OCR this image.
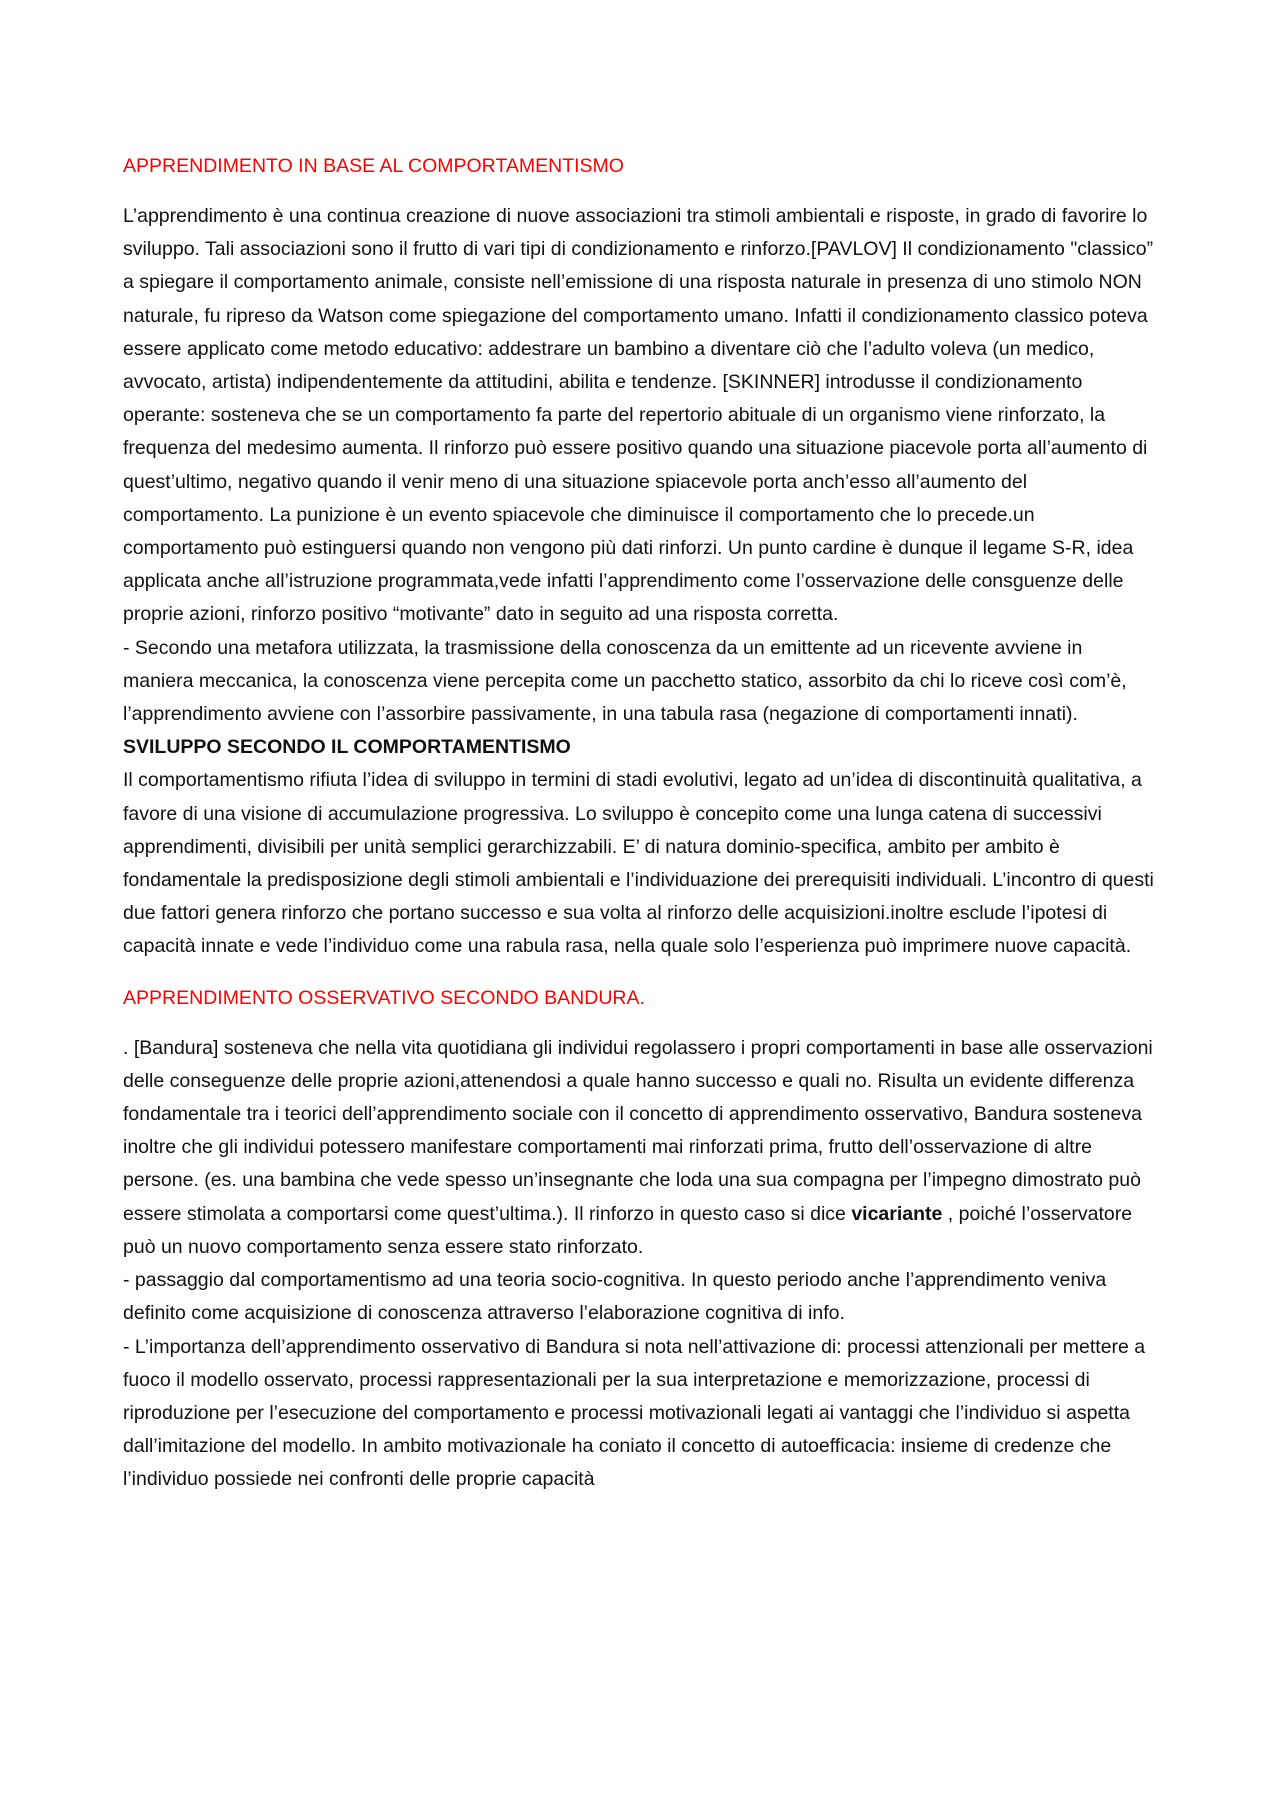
APPRENDIMENTO IN BASE AL COMPORTAMENTISMO

L’apprendimento è una continua creazione di nuove associazioni tra stimoli ambientali e risposte, in grado di favorire lo sviluppo. Tali associazioni sono il frutto di vari tipi di condizionamento e rinforzo.[PAVLOV] Il condizionamento "classico” a spiegare il comportamento animale, consiste nell’emissione di una risposta naturale in presenza di uno stimolo NON naturale, fu ripreso da Watson come spiegazione del comportamento umano. Infatti il condizionamento classico poteva essere applicato come metodo educativo: addestrare un bambino a diventare ciò che l’adulto voleva (un medico, avvocato, artista) indipendentemente da attitudini, abilita e tendenze. [SKINNER] introdusse il condizionamento operante: sosteneva che se un comportamento fa parte del repertorio abituale di un organismo viene rinforzato, la frequenza del medesimo aumenta. Il rinforzo può essere positivo quando una situazione piacevole porta all’aumento di quest’ultimo, negativo quando il venir meno di una situazione spiacevole porta anch’esso all’aumento del comportamento. La punizione è un evento spiacevole che diminuisce il comportamento che lo precede.un comportamento può estinguersi quando non vengono più dati rinforzi. Un punto cardine è dunque il legame S-R, idea applicata anche all’istruzione programmata,vede infatti l’apprendimento come l’osservazione delle consguenze delle proprie azioni, rinforzo positivo “motivante” dato in seguito ad una risposta corretta.

- Secondo una metafora utilizzata, la trasmissione della conoscenza da un emittente ad un ricevente avviene in maniera meccanica, la conoscenza viene percepita come un pacchetto statico, assorbito da chi lo riceve così com’è, l’apprendimento avviene con l’assorbire passivamente, in una tabula rasa (negazione di comportamenti innati).

SVILUPPO SECONDO IL COMPORTAMENTISMO

Il comportamentismo rifiuta l’idea di sviluppo in termini di stadi evolutivi, legato ad un’idea di discontinuità qualitativa, a favore di una visione di accumulazione progressiva. Lo sviluppo è concepito come una lunga catena di successivi apprendimenti, divisibili per unità semplici gerarchizzabili. E’ di natura dominio-specifica, ambito per ambito è fondamentale la predisposizione degli stimoli ambientali e l’individuazione dei prerequisiti individuali. L’incontro di questi due fattori genera rinforzo che portano successo e sua volta al rinforzo delle acquisizioni.inoltre esclude l’ipotesi di capacità innate e vede l’individuo come una rabula rasa, nella quale solo l’esperienza può imprimere nuove capacità.

APPRENDIMENTO OSSERVATIVO SECONDO BANDURA.

. [Bandura] sosteneva che nella vita quotidiana gli individui regolassero i propri comportamenti in base alle osservazioni delle conseguenze delle proprie azioni,attenendosi a quale hanno successo e quali no. Risulta un evidente differenza fondamentale tra i teorici dell’apprendimento sociale con il concetto di apprendimento osservativo, Bandura sosteneva inoltre che gli individui potessero manifestare comportamenti mai rinforzati prima, frutto dell’osservazione di altre persone. (es. una bambina che vede spesso un’insegnante che loda una sua compagna per l’impegno dimostrato può essere stimolata a comportarsi come quest’ultima.). Il rinforzo in questo caso si dice vicariante , poiché l’osservatore può un nuovo comportamento senza essere stato rinforzato.

- passaggio dal comportamentismo ad una teoria socio-cognitiva. In questo periodo anche l’apprendimento veniva definito come acquisizione di conoscenza attraverso l’elaborazione cognitiva di info.

- L’importanza dell’apprendimento osservativo di Bandura si nota nell’attivazione di: processi attenzionali per mettere a fuoco il modello osservato, processi rappresentazionali per la sua interpretazione e memorizzazione, processi di riproduzione per l’esecuzione del comportamento e processi motivazionali legati ai vantaggi che l’individuo si aspetta dall’imitazione del modello. In ambito motivazionale ha coniato il concetto di autoefficacia: insieme di credenze che l’individuo possiede nei confronti delle proprie capacità
